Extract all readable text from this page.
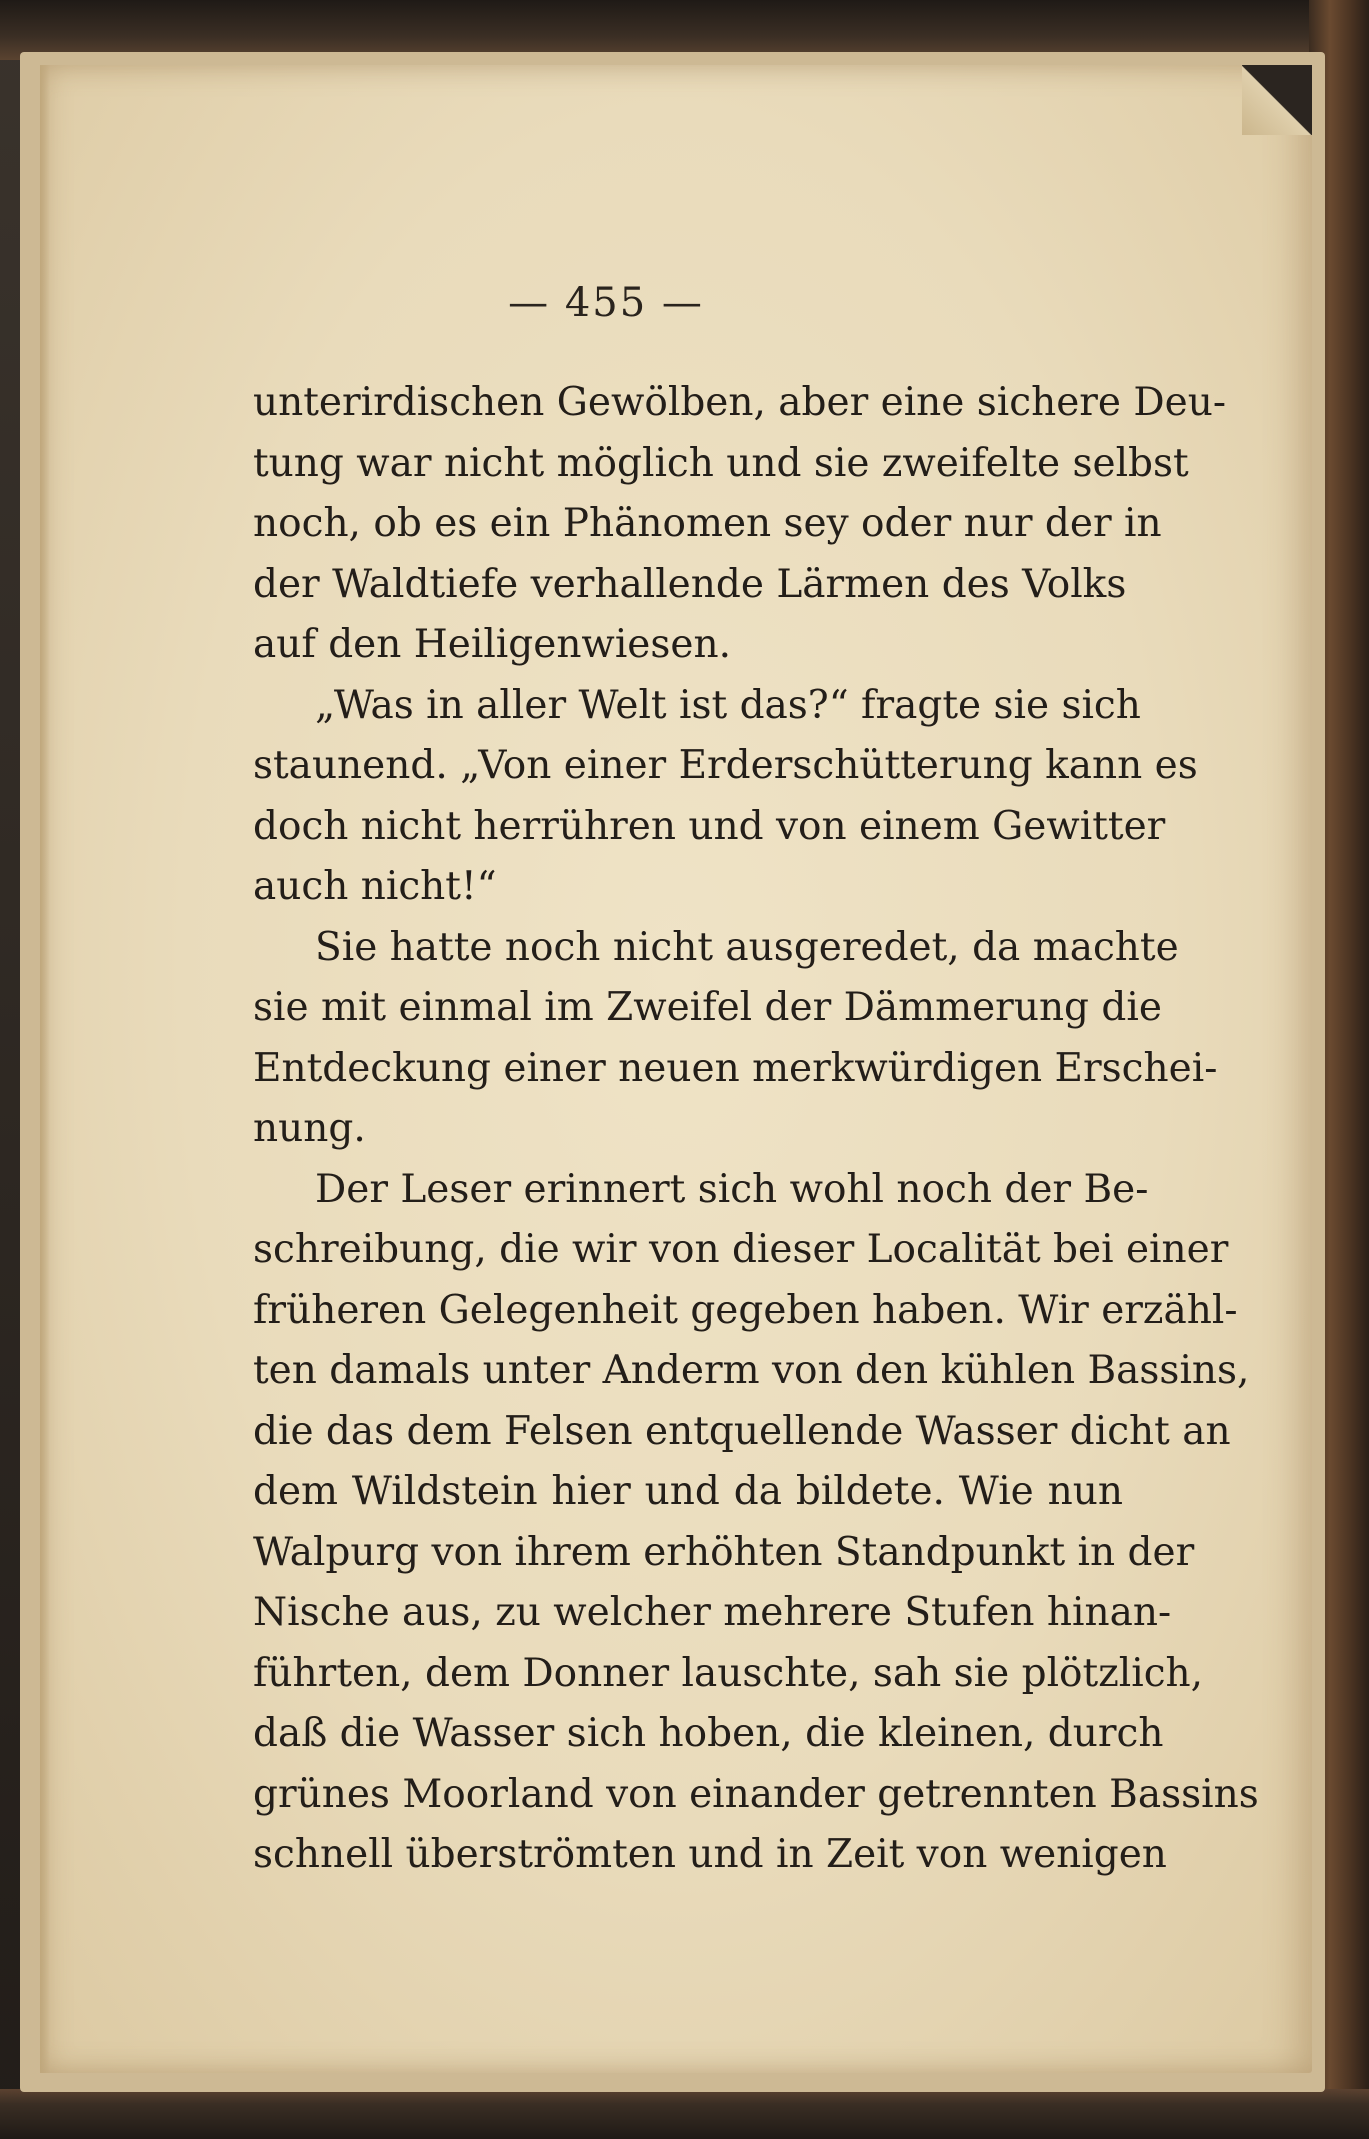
— 455 —
unterirdischen Gewölben, aber eine sichere Deu-
tung war nicht möglich und sie zweifelte selbst
noch, ob es ein Phänomen sey oder nur der in
der Waldtiefe verhallende Lärmen des Volks
auf den Heiligenwiesen.
„Was in aller Welt ist das?“ fragte sie sich
staunend. „Von einer Erderschütterung kann es
doch nicht herrühren und von einem Gewitter
auch nicht!“
Sie hatte noch nicht ausgeredet, da machte
sie mit einmal im Zweifel der Dämmerung die
Entdeckung einer neuen merkwürdigen Erschei-
nung.
Der Leser erinnert sich wohl noch der Be-
schreibung, die wir von dieser Localität bei einer
früheren Gelegenheit gegeben haben. Wir erzähl-
ten damals unter Anderm von den kühlen Bassins,
die das dem Felsen entquellende Wasser dicht an
dem Wildstein hier und da bildete. Wie nun
Walpurg von ihrem erhöhten Standpunkt in der
Nische aus, zu welcher mehrere Stufen hinan-
führten, dem Donner lauschte, sah sie plötzlich,
daß die Wasser sich hoben, die kleinen, durch
grünes Moorland von einander getrennten Bassins
schnell überströmten und in Zeit von wenigen
